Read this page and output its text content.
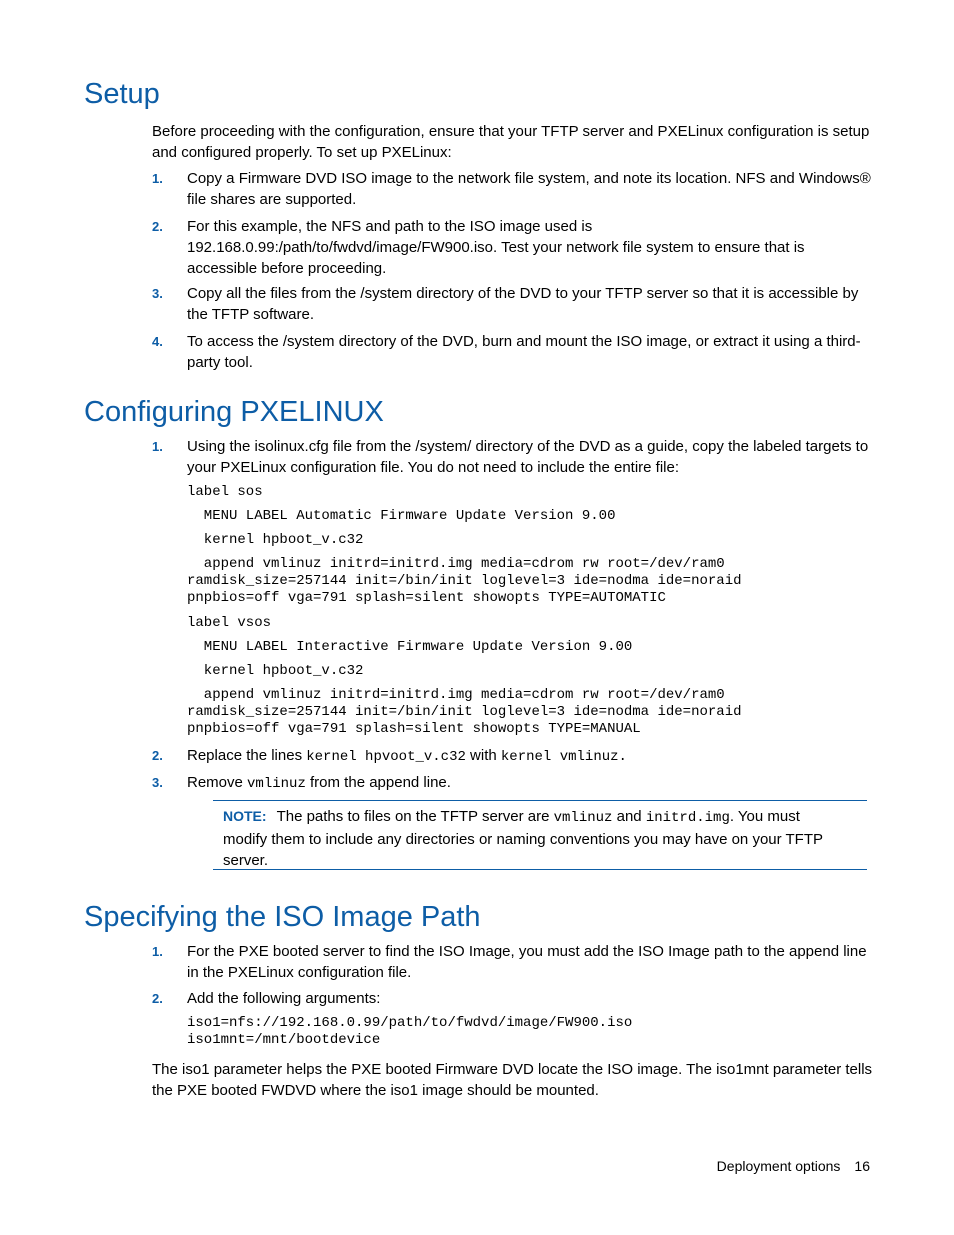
Setup
Before proceeding with the configuration, ensure that your TFTP server and PXELinux configuration is setup and configured properly. To set up PXELinux:
1. Copy a Firmware DVD ISO image to the network file system, and note its location. NFS and Windows® file shares are supported.
2. For this example, the NFS and path to the ISO image used is 192.168.0.99:/path/to/fwdvd/image/FW900.iso. Test your network file system to ensure that is accessible before proceeding.
3. Copy all the files from the /system directory of the DVD to your TFTP server so that it is accessible by the TFTP software.
4. To access the /system directory of the DVD, burn and mount the ISO image, or extract it using a third-party tool.
Configuring PXELINUX
1. Using the isolinux.cfg file from the /system/ directory of the DVD as a guide, copy the labeled targets to your PXELinux configuration file. You do not need to include the entire file:
label sos
MENU LABEL Automatic Firmware Update Version 9.00
kernel hpboot_v.c32
append vmlinuz initrd=initrd.img media=cdrom rw root=/dev/ram0
ramdisk_size=257144 init=/bin/init loglevel=3 ide=nodma ide=noraid
pnpbios=off vga=791 splash=silent showopts TYPE=AUTOMATIC
label vsos
MENU LABEL Interactive Firmware Update Version 9.00
kernel hpboot_v.c32
append vmlinuz initrd=initrd.img media=cdrom rw root=/dev/ram0
ramdisk_size=257144 init=/bin/init loglevel=3 ide=nodma ide=noraid
pnpbios=off vga=791 splash=silent showopts TYPE=MANUAL
2. Replace the lines kernel hpvoot_v.c32 with kernel vmlinuz.
3. Remove vmlinuz from the append line.
NOTE: The paths to files on the TFTP server are vmlinuz and initrd.img. You must modify them to include any directories or naming conventions you may have on your TFTP server.
Specifying the ISO Image Path
1. For the PXE booted server to find the ISO Image, you must add the ISO Image path to the append line in the PXELinux configuration file.
2. Add the following arguments:
iso1=nfs://192.168.0.99/path/to/fwdvd/image/FW900.iso
iso1mnt=/mnt/bootdevice
The iso1 parameter helps the PXE booted Firmware DVD locate the ISO image. The iso1mnt parameter tells the PXE booted FWDVD where the iso1 image should be mounted.
Deployment options 16
